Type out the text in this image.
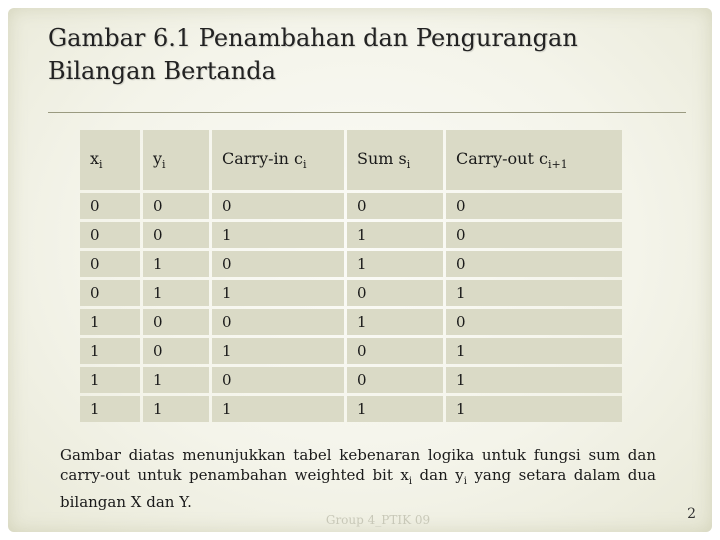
Gambar 6.1 Penambahan dan Pengurangan Bilangan Bertanda
$x_i$	$y_i$	Carry-in $c_i$	Sum $s_i$	Carry-out $c_{i+1}$
0	0	0	0	0
0	0	1	1	0
0	1	0	1	0
0	1	1	0	1
1	0	0	1	0
1	0	1	0	1
1	1	0	0	1
1	1	1	1	1

Gambar diatas menunjukkan tabel kebenaran logika untuk fungsi sum dan carry-out untuk penambahan weighted bit $x_i$ dan $y_i$ yang setara dalam dua bilangan X dan Y.

Group 4_PTIK 09	2
